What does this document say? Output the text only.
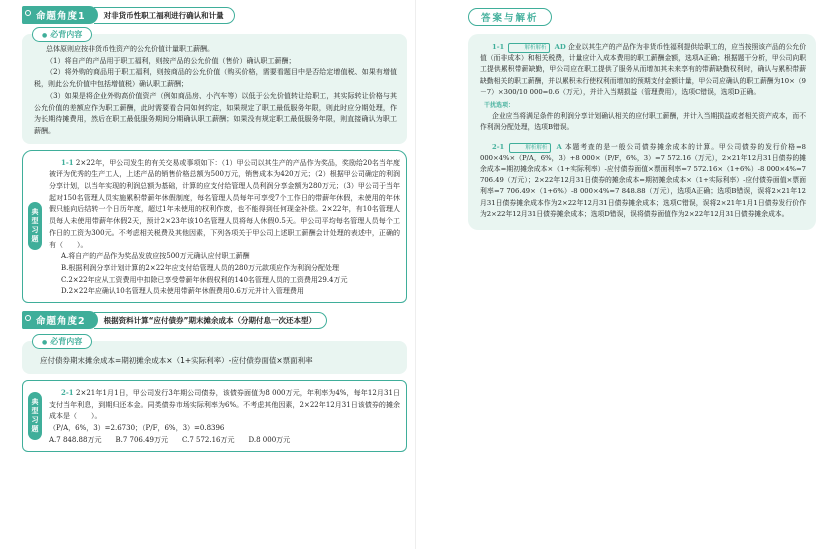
命题角度1	对非货币性职工福利进行确认和计量
● 必背内容

总体原则应按非货币性资产的公允价值计量职工薪酬。

（1）将自产的产品用于职工福利，则按产品的公允价值（售价）确认职工薪酬；

（2）将外购的商品用于职工福利，则按商品的公允价值（购买价格，需要看题目中是否给定增值税、如果有增值税，则此公允价值中包括增值税）确认职工薪酬；

（3）如果是将企业外购高价值资产（例如商品房、小汽车等）以低于公允价值转让给职工，其实际转让价格与其公允价值的差额应作为职工薪酬，此时需要看合同如何约定，如果规定了职工最低服务年限，则此时应分期处理，作为长期待摊费用，然后在职工最低服务期间分期确认职工薪酬；如果没有规定职工最低服务年限，则直接确认为职工薪酬。

典型习题

1-1 2×22年，甲公司发生的有关交易或事项如下：（1）甲公司以其生产的产品作为奖品，奖励给20名当年度被评为优秀的生产工人，上述产品的销售价格总额为500万元，销售成本为420万元；（2）根据甲公司确定的利润分享计划，以当年实现的利润总额为基础，计算的应支付给管理人员利润分享金额为280万元；（3）甲公司于当年起对150名管理人员实施累积带薪年休假制度，每名管理人员每年可享受7个工作日的带薪年休假，未使用的年休假只能向后结转一个日历年度，超过1年未使用的权利作废，也不能得到任何现金补偿。2×22年，有10名管理人员每人未使用带薪年休假2天，预计2×23年该10名管理人员将每人休假0.5天。甲公司平均每名管理人员每个工作日的工资为300元。不考虑相关税费及其他因素，下列各项关于甲公司上述职工薪酬会计处理的表述中，正确的有（　　）。

A.将自产的产品作为奖品发放应按500万元确认应付职工薪酬

B.根据利润分享计划计算的2×22年应支付给管理人员的280万元款项应作为利润分配处理

C.2×22年应从工资费用中扣除已享受带薪年休假权利的140名管理人员的工资费用29.4万元

D.2×22年应确认10名管理人员未使用带薪年休假费用0.6万元并计入管理费用

命题角度2	根据资料计算“应付债券”期末摊余成本（分期付息一次还本型）
● 必背内容

应付债券期末摊余成本=期初摊余成本×（1+实际利率）-应付债券面值×票面利率

典型习题

2-1 2×21年1月1日，甲公司发行3年期公司债券，该债券面值为8 000万元，年利率为4%，每年12月31日支付当年利息，到期归还本金。同类债券市场实际利率为6%。不考虑其他因素，2×22年12月31日该债券的摊余成本是（　　）。

（P/A，6%，3）=2.6730；（P/F，6%，3）=0.8396

A.7 848.88万元 B.7 706.49万元 C.7 572.16万元 D.8 000万元
答案与解析

1-1	解析解析 AD 企业以其生产的产品作为非货币性福利提供给职工的，应当按照该产品的公允价值（而非成本）和相关税费，计量应计入成本费用的职工薪酬金额，选项A正确；根据题干分析，甲公司向职工提供累积带薪缺勤，甲公司应在职工提供了服务从而增加其未来享有的带薪缺勤权利时，确认与累积带薪缺勤相关的职工薪酬，并以累积未行使权利而增加的预期支付金额计量，甲公司应确认的职工薪酬为10×（9－7）×300/10 000=0.6（万元），并计入当期损益（管理费用），选项C错误，选项D正确。

干扰选项：

企业应当将满足条件的利润分享计划确认相关的应付职工薪酬，并计入当期损益或者相关资产成本，而不作利润分配处理，选项B错误。

2-1	解析解析 A 本题考查的是一般公司债券摊余成本的计算。甲公司债券的发行价格=8 000×4%×（P/A，6%，3）+8 000×（P/F，6%，3）=7 572.16（万元），2×21年12月31日债券的摊余成本=期初摊余成本×（1+实际利率）-应付债券面值×票面利率=7 572.16×（1+6%）-8 000×4%=7 706.49（万元）；2×22年12月31日债券的摊余成本=期初摊余成本×（1+实际利率）-应付债券面值×票面利率=7 706.49×（1+6%）-8 000×4%=7 848.88（万元），选项A正确；选项B错误，误将2×21年12月31日债券摊余成本作为2×22年12月31日债券摊余成本；选项C错误，误将2×21年1月1日债券发行价作为2×22年12月31日债券摊余成本；选项D错误，误将债券面值作为2×22年12月31日债券摊余成本。
